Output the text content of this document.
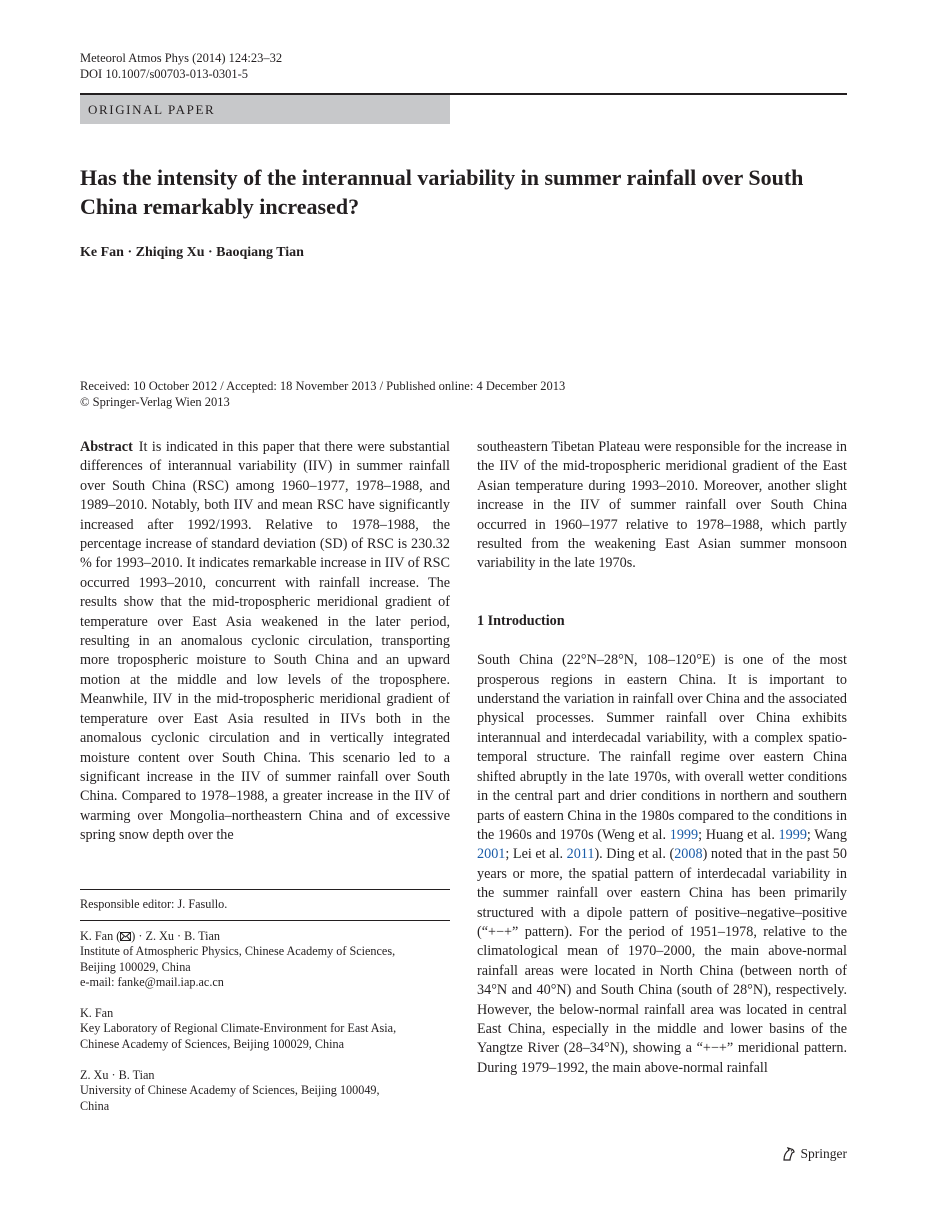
Meteorol Atmos Phys (2014) 124:23–32
DOI 10.1007/s00703-013-0301-5
ORIGINAL PAPER
Has the intensity of the interannual variability in summer rainfall over South China remarkably increased?
Ke Fan · Zhiqing Xu · Baoqiang Tian
Received: 10 October 2012 / Accepted: 18 November 2013 / Published online: 4 December 2013
© Springer-Verlag Wien 2013

Abstract It is indicated in this paper that there were substantial differences of interannual variability (IIV) in summer rainfall over South China (RSC) among 1960–1977, 1978–1988, and 1989–2010. Notably, both IIV and mean RSC have significantly increased after 1992/1993. Relative to 1978–1988, the percentage increase of standard deviation (SD) of RSC is 230.32 % for 1993–2010. It indicates remarkable increase in IIV of RSC occurred 1993–2010, concurrent with rainfall increase. The results show that the mid-tropospheric meridional gradient of temperature over East Asia weakened in the later period, resulting in an anomalous cyclonic circulation, transporting more tropospheric moisture to South China and an upward motion at the middle and low levels of the troposphere. Meanwhile, IIV in the mid-tropospheric meridional gradient of temperature over East Asia resulted in IIVs both in the anomalous cyclonic circulation and in vertically integrated moisture content over South China. This scenario led to a significant increase in the IIV of summer rainfall over South China. Compared to 1978–1988, a greater increase in the IIV of warming over Mongolia–northeastern China and of excessive spring snow depth over the

Responsible editor: J. Fasullo.
K. Fan ( ) · Z. Xu · B. Tian
Institute of Atmospheric Physics, Chinese Academy of Sciences,
Beijing 100029, China
e-mail: fanke@mail.iap.ac.cn
K. Fan
Key Laboratory of Regional Climate-Environment for East Asia,
Chinese Academy of Sciences, Beijing 100029, China
Z. Xu · B. Tian
University of Chinese Academy of Sciences, Beijing 100049,
China

southeastern Tibetan Plateau were responsible for the increase in the IIV of the mid-tropospheric meridional gradient of the East Asian temperature during 1993–2010. Moreover, another slight increase in the IIV of summer rainfall over South China occurred in 1960–1977 relative to 1978–1988, which partly resulted from the weakening East Asian summer monsoon variability in the late 1970s.

1 Introduction

South China (22°N–28°N, 108–120°E) is one of the most prosperous regions in eastern China. It is important to understand the variation in rainfall over China and the associated physical processes. Summer rainfall over China exhibits interannual and interdecadal variability, with a complex spatio-temporal structure. The rainfall regime over eastern China shifted abruptly in the late 1970s, with overall wetter conditions in the central part and drier conditions in northern and southern parts of eastern China in the 1980s compared to the conditions in the 1960s and 1970s (Weng et al. 1999; Huang et al. 1999; Wang 2001; Lei et al. 2011). Ding et al. (2008) noted that in the past 50 years or more, the spatial pattern of interdecadal variability in the summer rainfall over eastern China has been primarily structured with a dipole pattern of positive–negative–positive (“+−+” pattern). For the period of 1951–1978, relative to the climatological mean of 1970–2000, the main above-normal rainfall areas were located in North China (between north of 34°N and 40°N) and South China (south of 28°N), respectively. However, the below-normal rainfall area was located in central East China, especially in the middle and lower basins of the Yangtze River (28–34°N), showing a “+−+” meridional pattern. During 1979–1992, the main above-normal rainfall

Springer
